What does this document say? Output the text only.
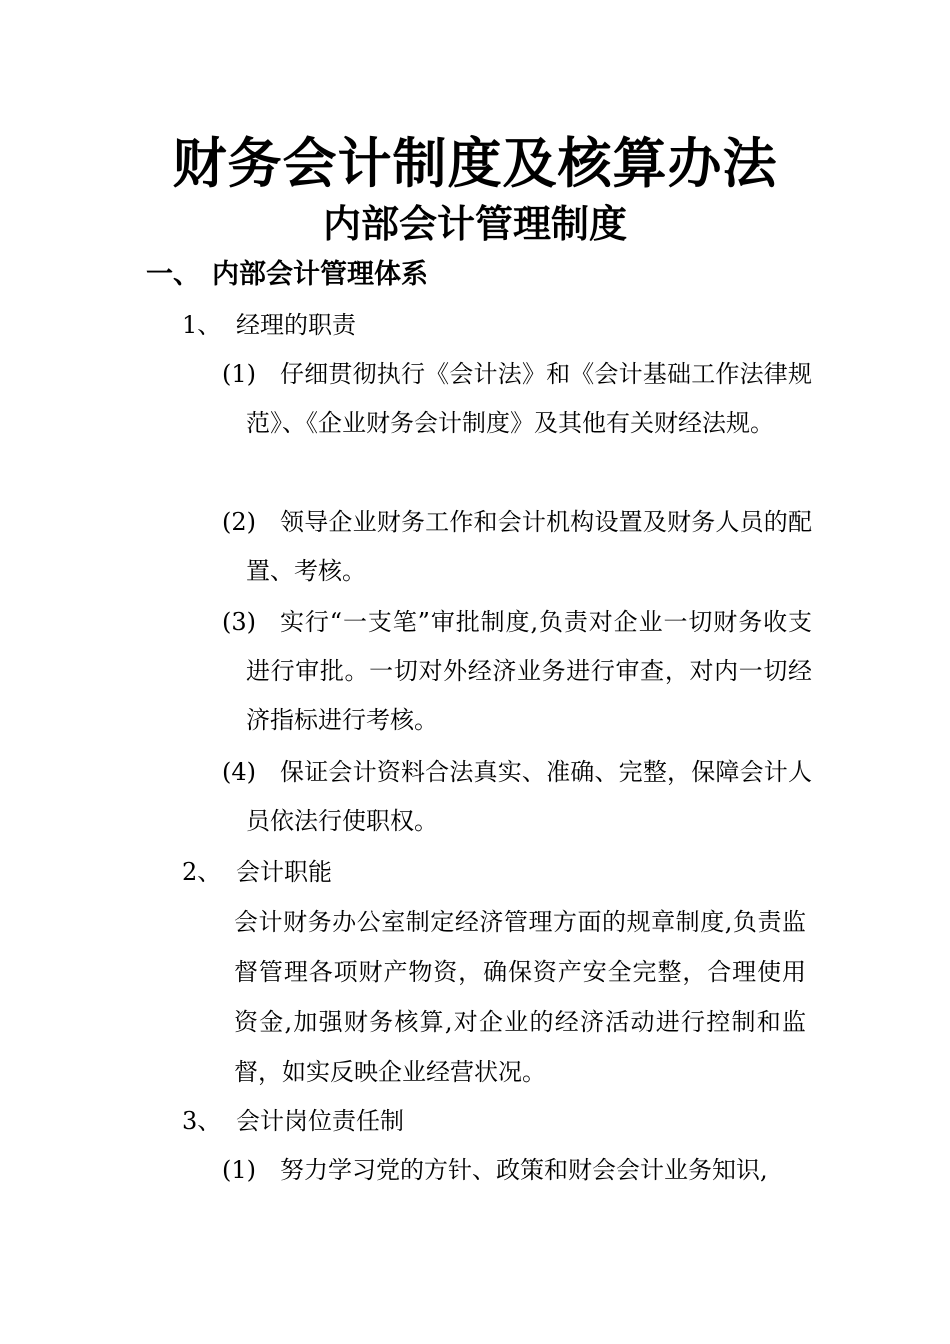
财务会计制度及核算办法
内部会计管理制度
一、 内部会计管理体系
1、 经理的职责
(1)	仔细贯彻执行《会计法》和《会计基础工作法律规范》、《企业财务会计制度》及其他有关财经法规。
(2)	领导企业财务工作和会计机构设置及财务人员的配置、考核。
(3)	实行“一支笔”审批制度,负责对企业一切财务收支进行审批。一切对外经济业务进行审查，对内一切经济指标进行考核。
(4)	保证会计资料合法真实、准确、完整，保障会计人员依法行使职权。
2、 会计职能
会计财务办公室制定经济管理方面的规章制度,负责监督管理各项财产物资，确保资产安全完整，合理使用资金,加强财务核算,对企业的经济活动进行控制和监督，如实反映企业经营状况。
3、 会计岗位责任制
(1)	努力学习党的方针、政策和财会会计业务知识,
